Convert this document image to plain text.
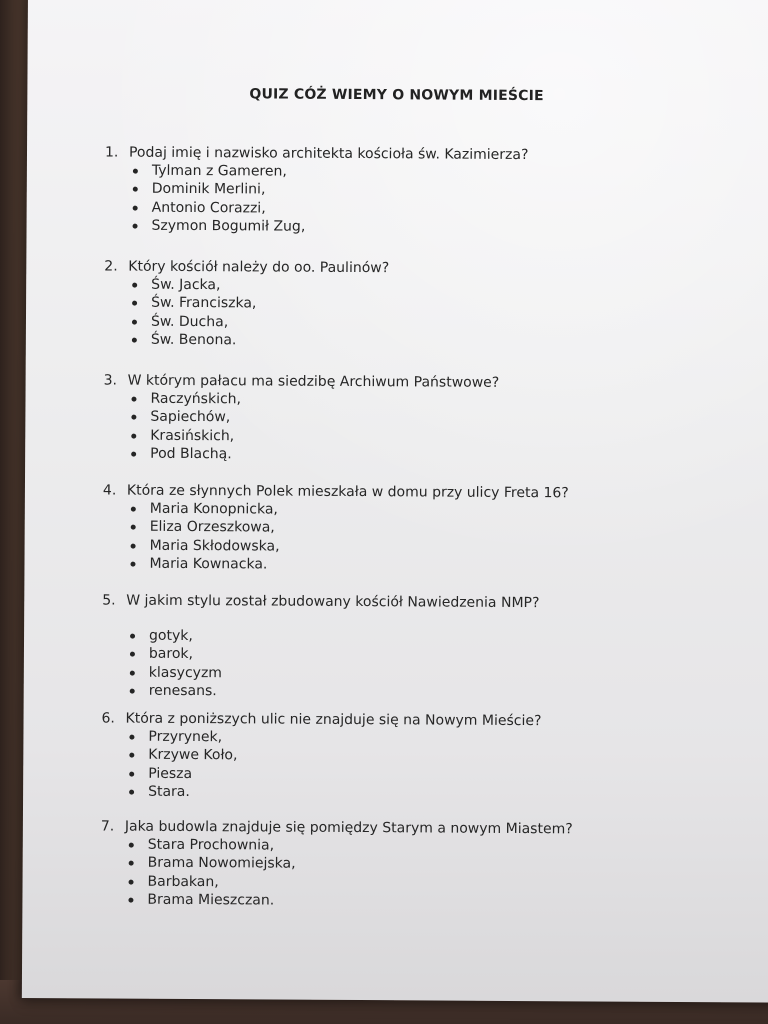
QUIZ CÓŻ WIEMY O NOWYM MIEŚCIE

1. Podaj imię i nazwisko architekta kościoła św. Kazimierza?

Tylman z Gameren,
Dominik Merlini,
Antonio Corazzi,
Szymon Bogumił Zug,

2. Który kościół należy do oo. Paulinów?

Św. Jacka,
Św. Franciszka,
Św. Ducha,
Św. Benona.

3. W którym pałacu ma siedzibę Archiwum Państwowe?

Raczyńskich,
Sapiechów,
Krasińskich,
Pod Blachą.

4. Która ze słynnych Polek mieszkała w domu przy ulicy Freta 16?

Maria Konopnicka,
Eliza Orzeszkowa,
Maria Skłodowska,
Maria Kownacka.

5. W jakim stylu został zbudowany kościół Nawiedzenia NMP?

gotyk,
barok,
klasycyzm
renesans.

6. Która z poniższych ulic nie znajduje się na Nowym Mieście?

Przyrynek,
Krzywe Koło,
Piesza
Stara.

7. Jaka budowla znajduje się pomiędzy Starym a nowym Miastem?

Stara Prochownia,
Brama Nowomiejska,
Barbakan,
Brama Mieszczan.
